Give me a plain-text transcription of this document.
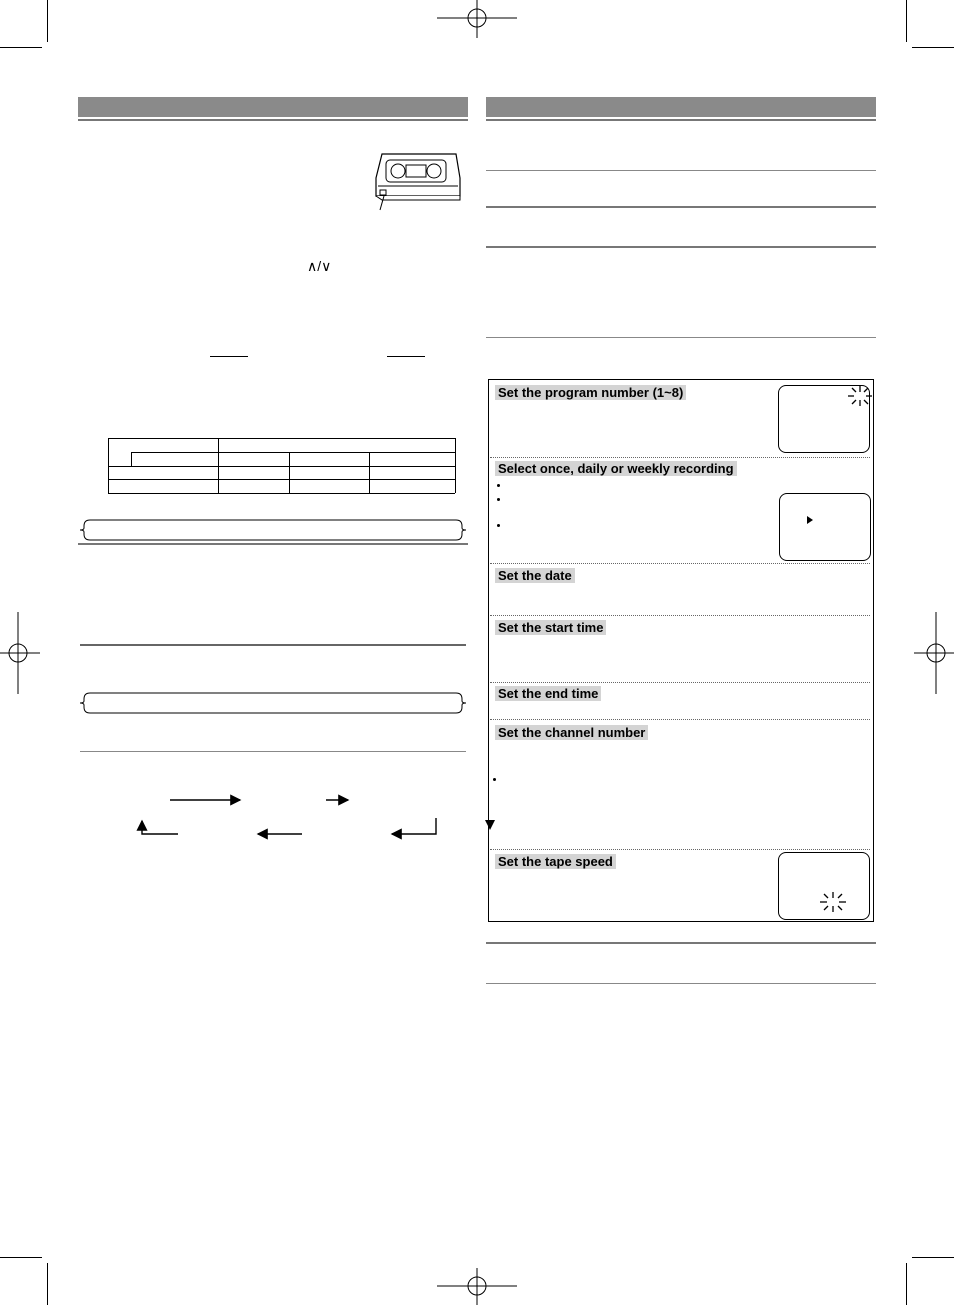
∧/∨
Set the program number (1~8)
Select once, daily or weekly recording
Set the date
Set the start time
Set the end time
Set the channel number
Set the tape speed
